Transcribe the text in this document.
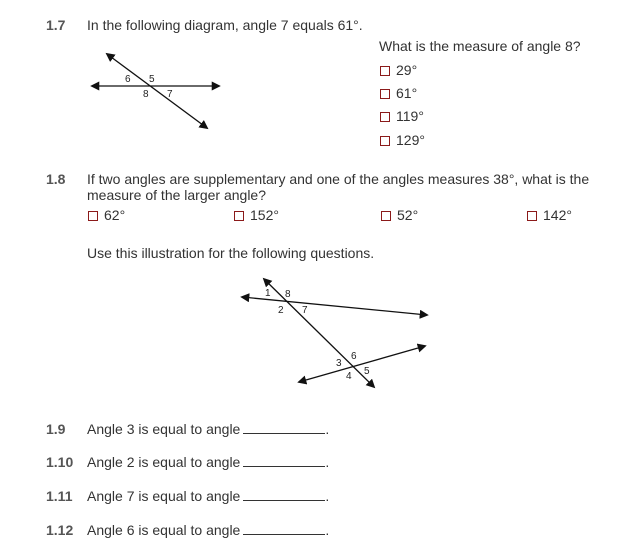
1.7 In the following diagram, angle 7 equals 61°.
What is the measure of angle 8?
29°
61°
119°
129°
6 5
8 7
1.8 If two angles are supplementary and one of the angles measures 38°, what is the
measure of the larger angle?
62°	152°	52°	142°
Use this illustration for the following questions.
1 8
2 7
3
6
4 5
1.9 Angle 3 is equal to angle	.
1.10 Angle 2 is equal to angle	.
1.11 Angle 7 is equal to angle	.
1.12 Angle 6 is equal to angle	.
